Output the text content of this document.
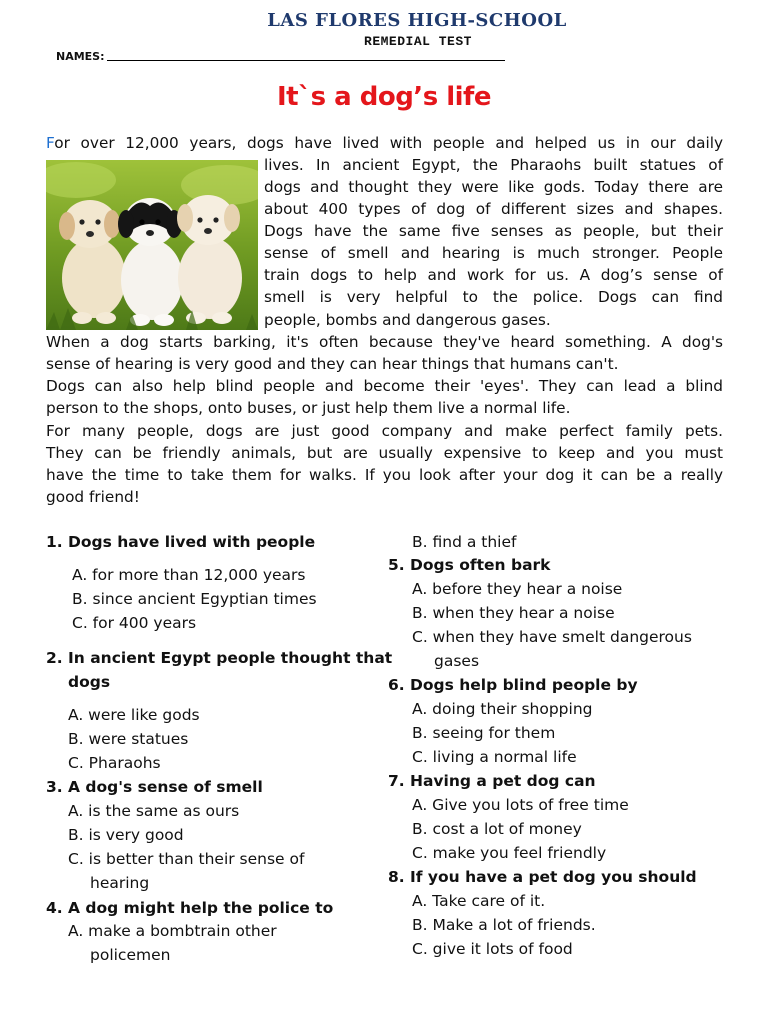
LAS FLORES HIGH-SCHOOL
REMEDIAL TEST
NAMES:
It`s a dog’s life
For over 12,000 years, dogs have lived with people and helped us in our daily
lives. In ancient Egypt, the Pharaohs built statues of
dogs and thought they were like gods. Today there are
about 400 types of dog of different sizes and shapes.
Dogs have the same five senses as people, but their
sense of smell and hearing is much stronger. People
train dogs to help and work for us. A dog’s sense of
smell is very helpful to the police. Dogs can find
people, bombs and dangerous gases.
When a dog starts barking, it's often because they've heard something. A dog's
sense of hearing is very good and they can hear things that humans can't.
Dogs can also help blind people and become their 'eyes'. They can lead a blind
person to the shops, onto buses, or just help them live a normal life.
For many people, dogs are just good company and make perfect family pets.
They can be friendly animals, but are usually expensive to keep and you must
have the time to take them for walks. If you look after your dog it can be a really
good friend!
1. Dogs have lived with people
A. for more than 12,000 years
B. since ancient Egyptian times
C. for 400 years
2. In ancient Egypt people thought that
dogs
A. were like gods
B. were statues
C. Pharaohs
3. A dog's sense of smell
A. is the same as ours
B. is very good
C. is better than their sense of
hearing
4. A dog might help the police to
A. make a bombtrain other
policemen
B. find a thief
5. Dogs often bark
A. before they hear a noise
B. when they hear a noise
C. when they have smelt dangerous
gases
6. Dogs help blind people by
A. doing their shopping
B. seeing for them
C. living a normal life
7. Having a pet dog can
A. Give you lots of free time
B. cost a lot of money
C. make you feel friendly
8. If you have a pet dog you should
A. Take care of it.
B. Make a lot of friends.
C. give it lots of food
